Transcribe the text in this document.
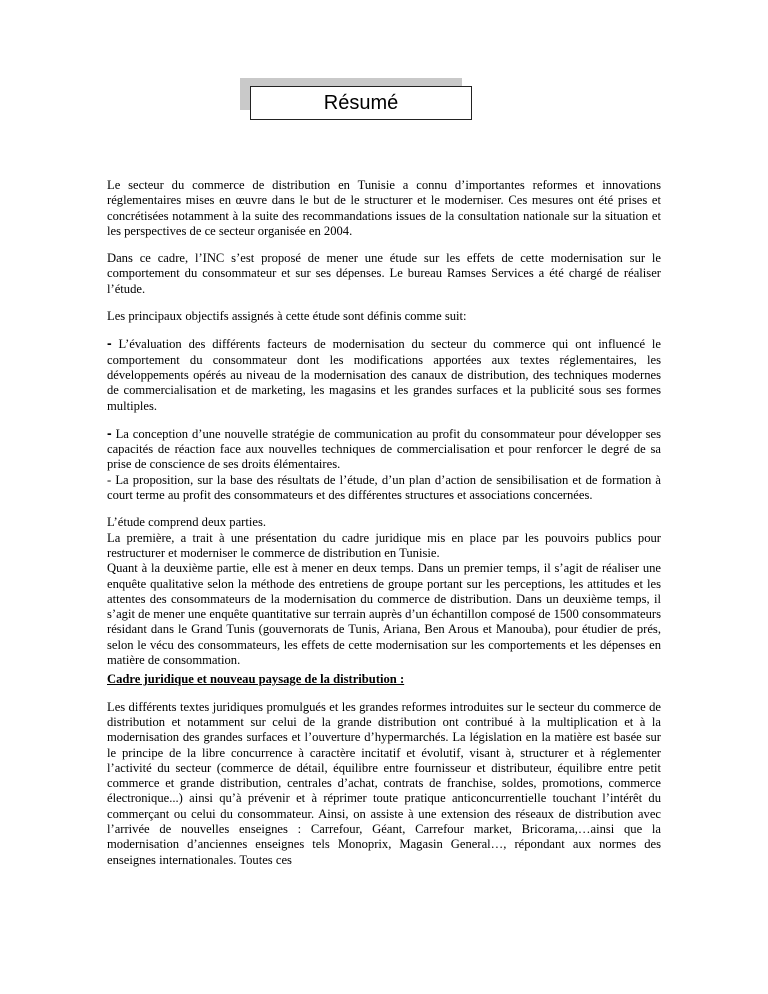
Résumé

Le secteur du commerce de distribution en Tunisie a connu d’importantes reformes et innovations réglementaires mises en œuvre dans le but de le structurer et le moderniser. Ces mesures ont été prises et concrétisées notamment à la suite des recommandations issues de la consultation nationale sur la situation et les perspectives de ce secteur organisée en 2004.

Dans ce cadre, l’INC s’est proposé de mener une étude sur les effets de cette modernisation sur le comportement du consommateur et sur ses dépenses. Le bureau Ramses Services a été chargé de réaliser l’étude.

Les principaux objectifs assignés à cette étude sont définis comme suit:

- L’évaluation des différents facteurs de modernisation du secteur du commerce qui ont influencé le comportement du consommateur dont les modifications apportées aux textes réglementaires, les développements opérés au niveau de la modernisation des canaux de distribution, des techniques modernes de commercialisation et de marketing, les magasins et les grandes surfaces et la publicité sous ses formes multiples.

- La conception d’une nouvelle stratégie de communication au profit du consommateur pour développer ses capacités de réaction face aux nouvelles techniques de commercialisation et pour renforcer le degré de sa prise de conscience de ses droits élémentaires.

- La proposition, sur la base des résultats de l’étude, d’un plan d’action de sensibilisation et de formation à court terme au profit des consommateurs et des différentes structures et associations concernées.

L’étude comprend deux parties.
La première, a trait à une présentation du cadre juridique mis en place par les pouvoirs publics pour restructurer et moderniser le commerce de distribution en Tunisie.
Quant à la deuxième partie, elle est à mener en deux temps. Dans un premier temps, il s’agit de réaliser une enquête qualitative selon la méthode des entretiens de groupe portant sur les perceptions, les attitudes et les attentes des consommateurs de la modernisation du commerce de distribution. Dans un deuxième temps, il s’agit de mener une enquête quantitative sur terrain auprès d’un échantillon composé de 1500 consommateurs résidant dans le Grand Tunis (gouvernorats de Tunis, Ariana, Ben Arous et Manouba), pour étudier de prés, selon le vécu des consommateurs, les effets de cette modernisation sur les comportements et les dépenses en matière de consommation.

Cadre juridique et nouveau paysage de la distribution :

Les différents textes juridiques promulgués et les grandes reformes introduites sur le secteur du commerce de distribution et notamment sur celui de la grande distribution ont contribué à la multiplication et à la modernisation des grandes surfaces et l’ouverture d’hypermarchés. La législation en la matière est basée sur le principe de la libre concurrence à caractère incitatif et évolutif, visant à, structurer et à réglementer l’activité du secteur (commerce de détail, équilibre entre fournisseur et distributeur, équilibre entre petit commerce et grande distribution, centrales d’achat, contrats de franchise, soldes, promotions, commerce électronique...) ainsi qu’à prévenir et à réprimer toute pratique anticoncurrentielle touchant l’intérêt du commerçant ou celui du consommateur. Ainsi, on assiste à une extension des réseaux de distribution avec l’arrivée de nouvelles enseignes : Carrefour, Géant, Carrefour market, Bricorama,…ainsi que la modernisation d’anciennes enseignes tels Monoprix, Magasin General…, répondant aux normes des enseignes internationales. Toutes ces
